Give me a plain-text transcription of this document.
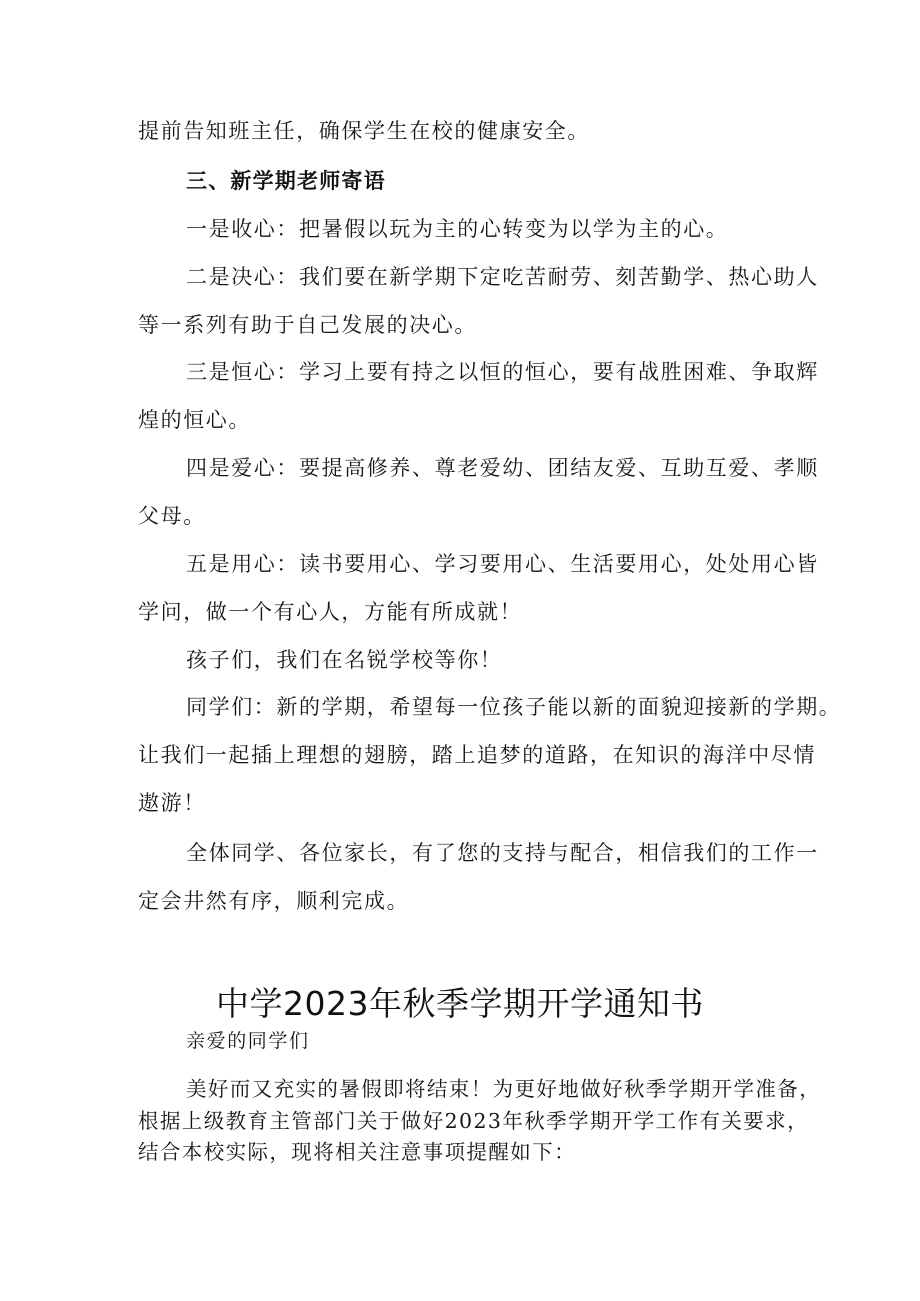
提前告知班主任，确保学生在校的健康安全。
三、新学期老师寄语
一是收心：把暑假以玩为主的心转变为以学为主的心。
二是决心：我们要在新学期下定吃苦耐劳、刻苦勤学、热心助人
等一系列有助于自己发展的决心。
三是恒心：学习上要有持之以恒的恒心，要有战胜困难、争取辉
煌的恒心。
四是爱心：要提高修养、尊老爱幼、团结友爱、互助互爱、孝顺
父母。
五是用心：读书要用心、学习要用心、生活要用心，处处用心皆
学问，做一个有心人，方能有所成就！
孩子们，我们在名锐学校等你！
同学们：新的学期，希望每一位孩子能以新的面貌迎接新的学期。
让我们一起插上理想的翅膀，踏上追梦的道路，在知识的海洋中尽情
遨游！
全体同学、各位家长，有了您的支持与配合，相信我们的工作一
定会井然有序，顺利完成。
中学2023年秋季学期开学通知书
亲爱的同学们
美好而又充实的暑假即将结束！为更好地做好秋季学期开学准备，
根据上级教育主管部门关于做好2023年秋季学期开学工作有关要求，
结合本校实际，现将相关注意事项提醒如下：
